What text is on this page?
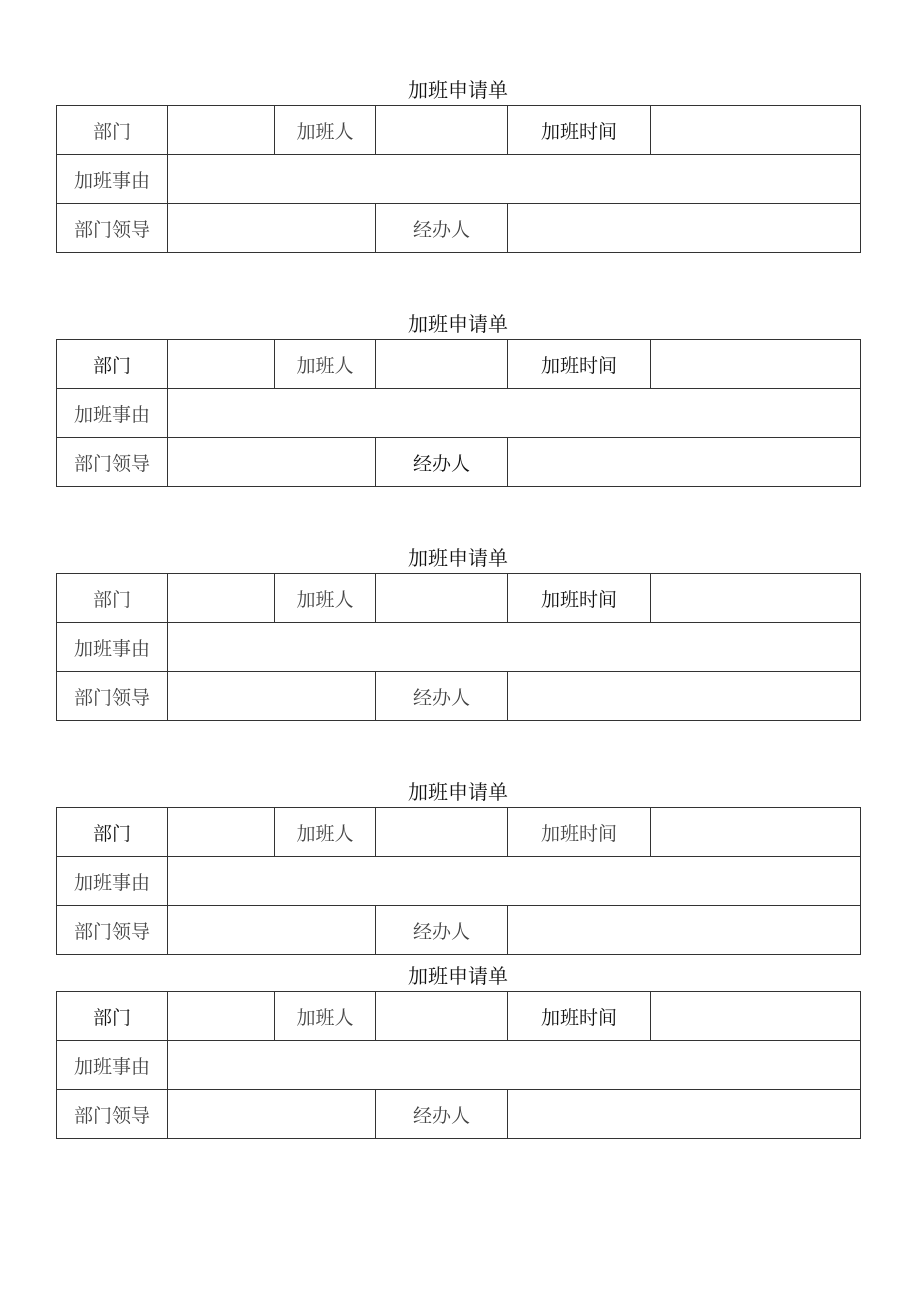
加班申请单
部门		加班人		加班时间	
加班事由					
部门领导			经办人		
加班申请单
部门		加班人		加班时间	
加班事由					
部门领导			经办人		
加班申请单
部门		加班人		加班时间	
加班事由					
部门领导			经办人		
加班申请单
部门		加班人		加班时间	
加班事由					
部门领导			经办人		
加班申请单
部门		加班人		加班时间	
加班事由					
部门领导			经办人		
